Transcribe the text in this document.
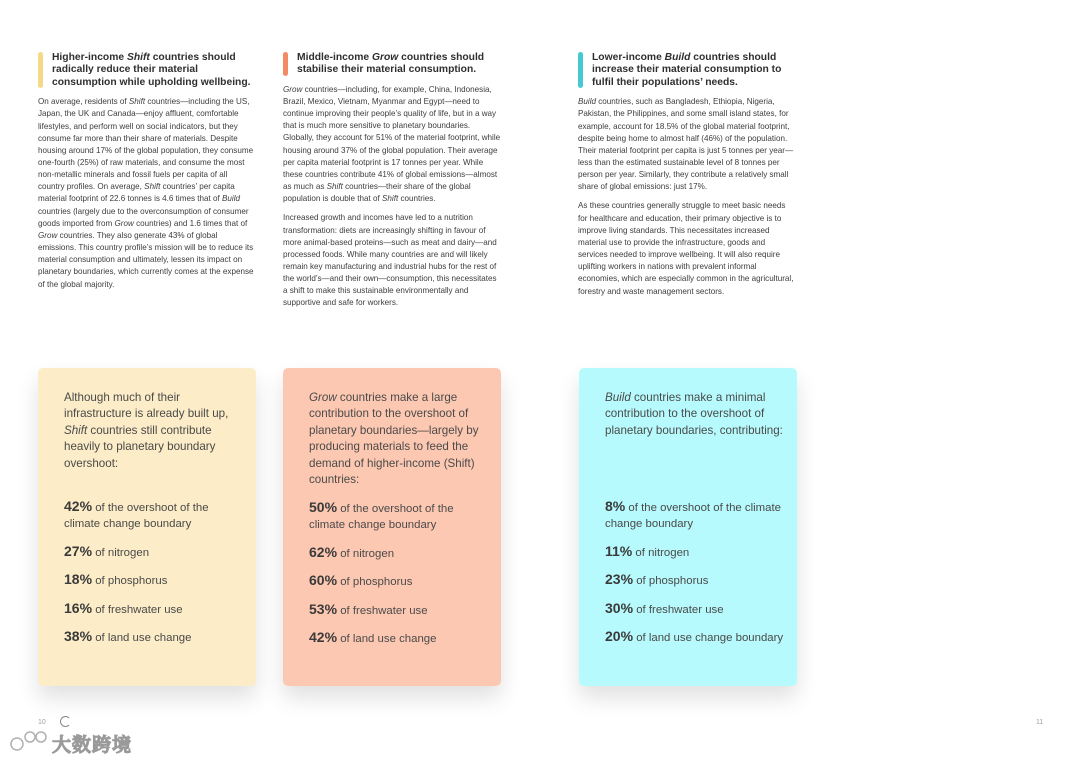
Higher-income Shift countries should radically reduce their material consumption while upholding wellbeing.

On average, residents of Shift countries—including the US, Japan, the UK and Canada—enjoy affluent, comfortable lifestyles, and perform well on social indicators, but they consume far more than their share of materials. Despite housing around 17% of the global population, they consume one-fourth (25%) of raw materials, and consume the most non-metallic minerals and fossil fuels per capita of all country profiles. On average, Shift countries’ per capita material footprint of 22.6 tonnes is 4.6 times that of Build countries (largely due to the overconsumption of consumer goods imported from Grow countries) and 1.6 times that of Grow countries. They also generate 43% of global emissions. This country profile’s mission will be to reduce its material consumption and ultimately, lessen its impact on planetary boundaries, which currently comes at the expense of the global majority.

Middle-income Grow countries should stabilise their material consumption.

Grow countries—including, for example, China, Indonesia, Brazil, Mexico, Vietnam, Myanmar and Egypt—need to continue improving their people’s quality of life, but in a way that is much more sensitive to planetary boundaries. Globally, they account for 51% of the material footprint, while housing around 37% of the global population. Their average per capita material footprint is 17 tonnes per year. While these countries contribute 41% of global emissions—almost as much as Shift countries—their share of the global population is double that of Shift countries.

Increased growth and incomes have led to a nutrition transformation: diets are increasingly shifting in favour of more animal-based proteins—such as meat and dairy—and processed foods. While many countries are and will likely remain key manufacturing and industrial hubs for the rest of the world’s—and their own—consumption, this necessitates a shift to make this sustainable environmentally and supportive and safe for workers.

Lower-income Build countries should increase their material consumption to fulfil their populations’ needs.

Build countries, such as Bangladesh, Ethiopia, Nigeria, Pakistan, the Philippines, and some small island states, for example, account for 18.5% of the global material footprint, despite being home to almost half (46%) of the population. Their material footprint per capita is just 5 tonnes per year—less than the estimated sustainable level of 8 tonnes per person per year. Similarly, they contribute a relatively small share of global emissions: just 17%.

As these countries generally struggle to meet basic needs for healthcare and education, their primary objective is to improve living standards. This necessitates increased material use to provide the infrastructure, goods and services needed to improve wellbeing. It will also require uplifting workers in nations with prevalent informal economies, which are especially common in the agricultural, forestry and waste management sectors.

Although much of their infrastructure is already built up, Shift countries still contribute heavily to planetary boundary overshoot:

42% of the overshoot of the climate change boundary

27% of nitrogen

18% of phosphorus

16% of freshwater use

38% of land use change

Grow countries make a large contribution to the overshoot of planetary boundaries—largely by producing materials to feed the demand of higher-income (Shift) countries:

50% of the overshoot of the climate change boundary

62% of nitrogen

60% of phosphorus

53% of freshwater use

42% of land use change

Build countries make a minimal contribution to the overshoot of planetary boundaries, contributing:

8% of the overshoot of the climate change boundary

11% of nitrogen

23% of phosphorus

30% of freshwater use

20% of land use change boundary

10	11
大数跨境
